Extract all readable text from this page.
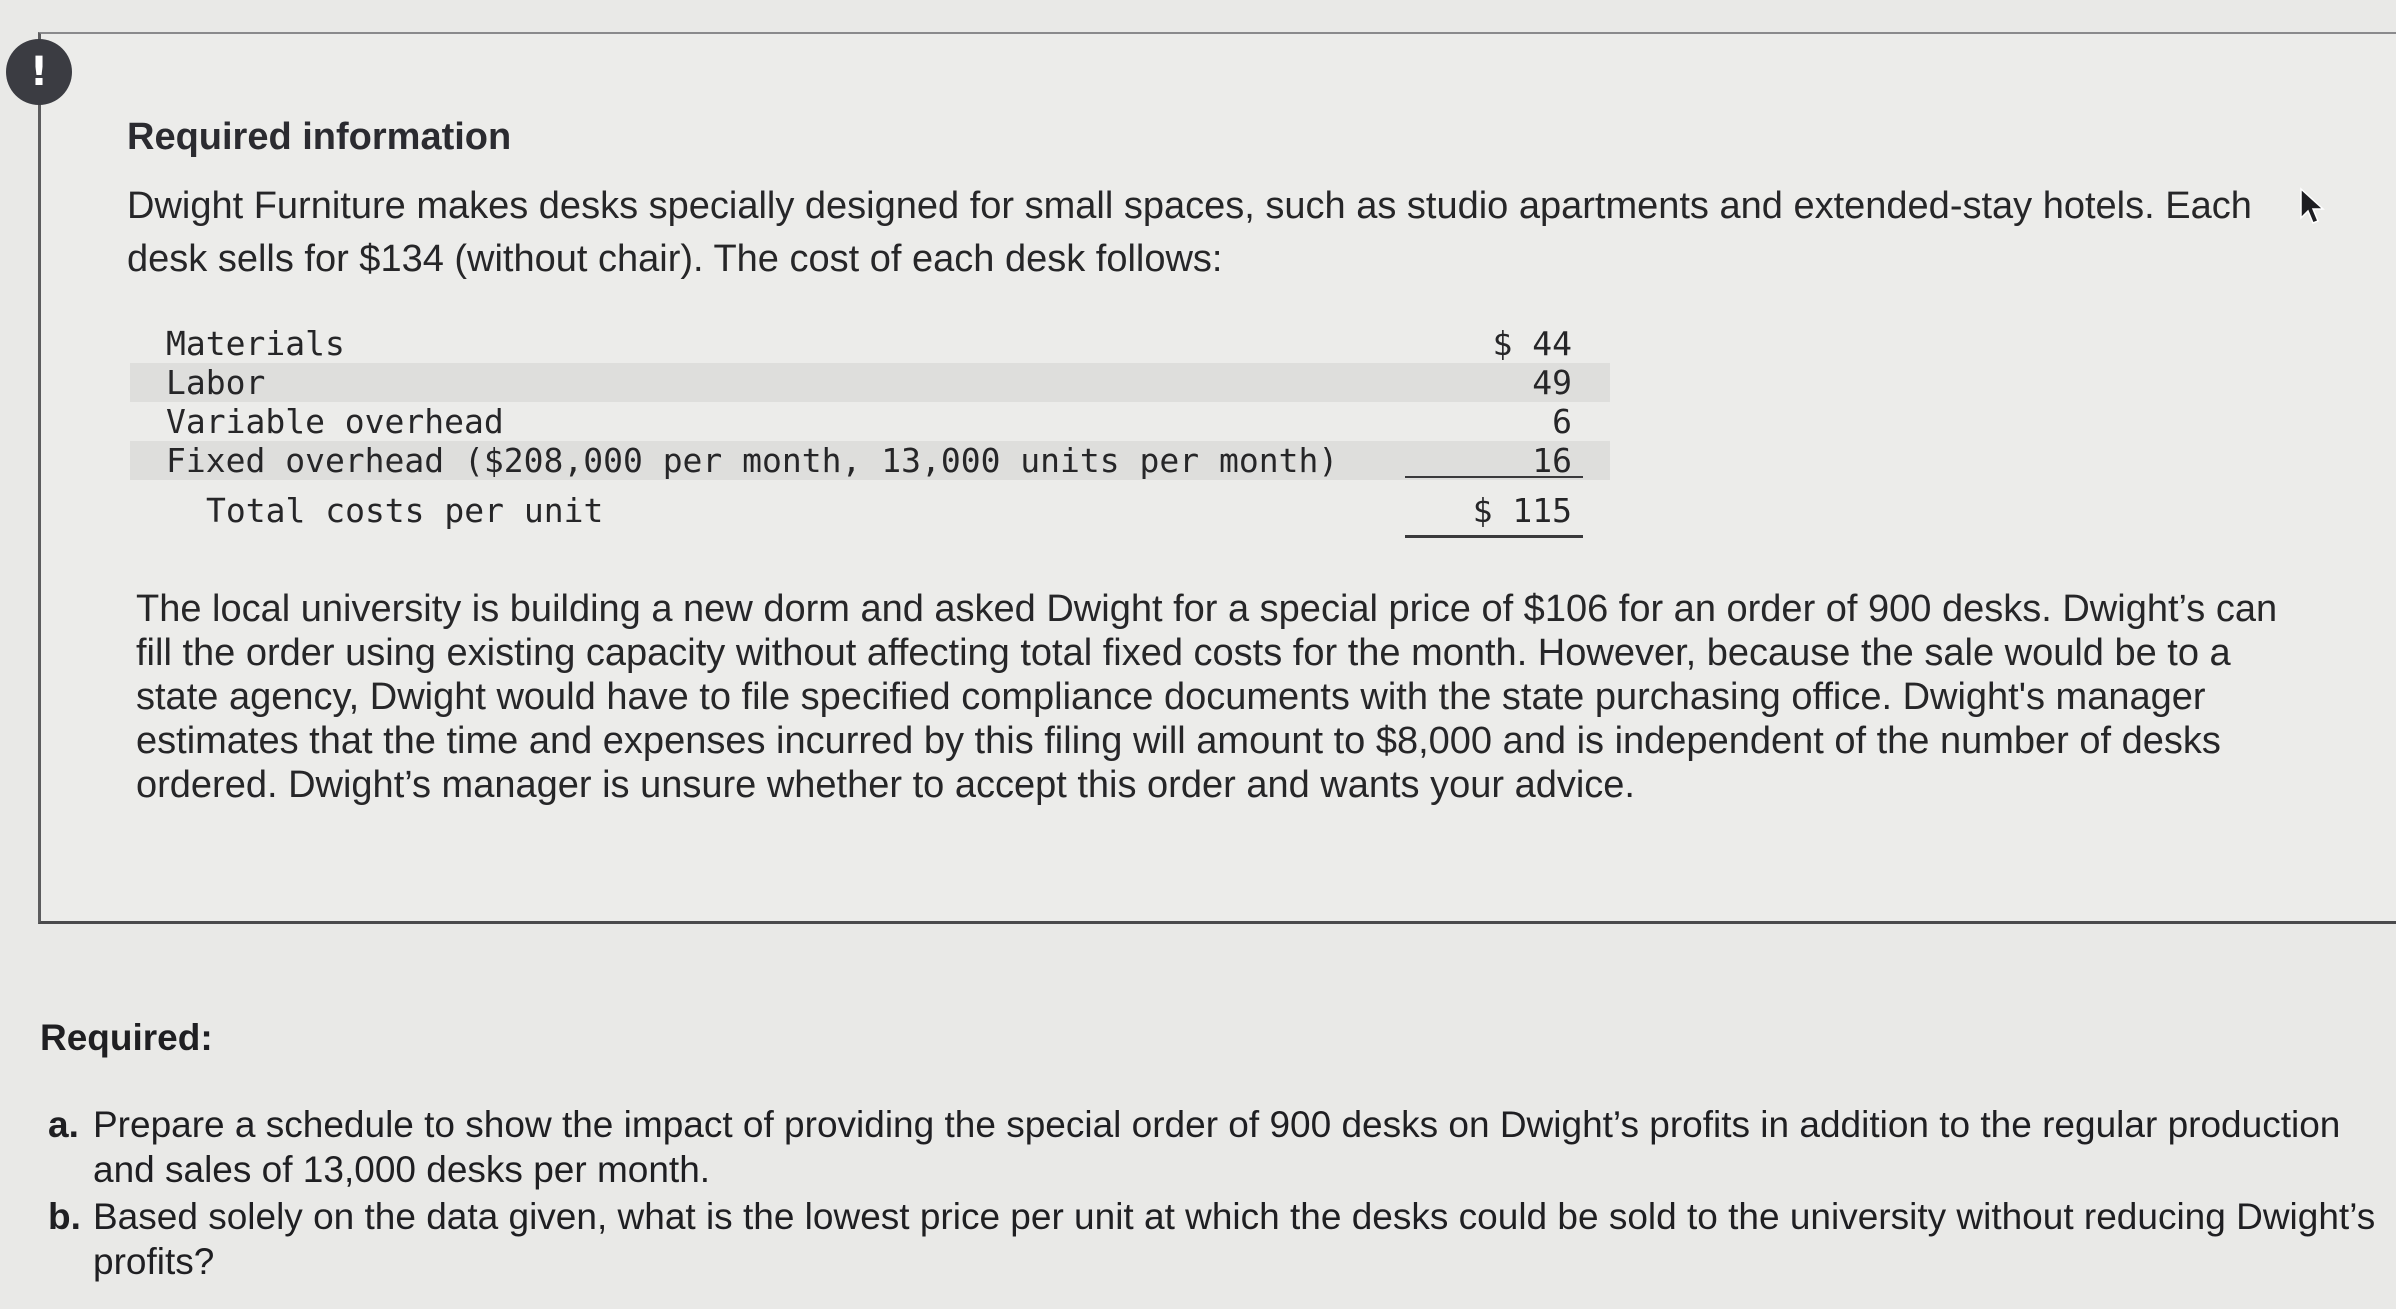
!
Required information

Dwight Furniture makes desks specially designed for small spaces, such as studio apartments and extended-stay hotels. Each desk sells for $134 (without chair). The cost of each desk follows:

Materials	$ 44
Labor	49
Variable overhead	6
Fixed overhead ($208,000 per month, 13,000 units per month)	16
Total costs per unit	$ 115

The local university is building a new dorm and asked Dwight for a special price of $106 for an order of 900 desks. Dwight’s can fill the order using existing capacity without affecting total fixed costs for the month. However, because the sale would be to a state agency, Dwight would have to file specified compliance documents with the state purchasing office. Dwight's manager estimates that the time and expenses incurred by this filing will amount to $8,000 and is independent of the number of desks ordered. Dwight’s manager is unsure whether to accept this order and wants your advice.

Required:
a. Prepare a schedule to show the impact of providing the special order of 900 desks on Dwight’s profits in addition to the regular production and sales of 13,000 desks per month.
b. Based solely on the data given, what is the lowest price per unit at which the desks could be sold to the university without reducing Dwight’s profits?
